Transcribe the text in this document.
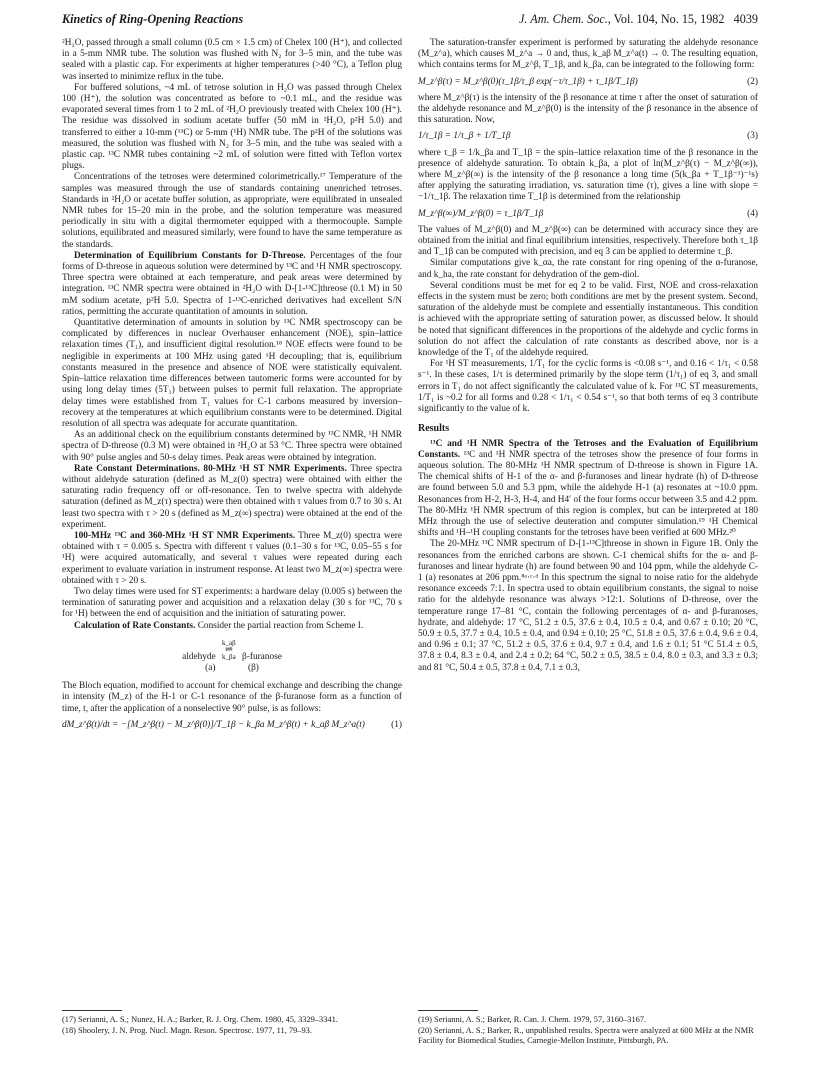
Kinetics of Ring-Opening Reactions	J. Am. Chem. Soc., Vol. 104, No. 15, 1982 4039

²H₂O, passed through a small column (0.5 cm × 1.5 cm) of Chelex 100 (H⁺), and collected in a 5-mm NMR tube. The solution was flushed with N₂ for 3–5 min, and the tube was sealed with a plastic cap. For experiments at higher temperatures (>40 °C), a Teflon plug was inserted to minimize reflux in the tube.

For buffered solutions, ~4 mL of tetrose solution in H₂O was passed through Chelex 100 (H⁺), the solution was concentrated as before to ~0.1 mL, and the residue was evaporated several times from 1 to 2 mL of ²H₂O previously treated with Chelex 100 (H⁺). The residue was dissolved in sodium acetate buffer (50 mM in ²H₂O, p²H 5.0) and transferred to either a 10-mm (¹³C) or 5-mm (¹H) NMR tube. The p²H of the solutions was measured, the solution was flushed with N₂ for 3–5 min, and the tube was sealed with a plastic cap. ¹³C NMR tubes containing ~2 mL of solution were fitted with Teflon vortex plugs.

Concentrations of the tetroses were determined colorimetrically.¹⁷ Temperature of the samples was measured through the use of standards containing unenriched tetroses. Standards in ²H₂O or acetate buffer solution, as appropriate, were equilibrated in unsealed NMR tubes for 15–20 min in the probe, and the solution temperature was measured periodically in situ with a digital thermometer equipped with a thermocouple. Sample solutions, equilibrated and measured similarly, were found to have the same temperature as the standards.

Determination of Equilibrium Constants for D-Threose. Percentages of the four forms of D-threose in aqueous solution were determined by ¹³C and ¹H NMR spectroscopy. Three spectra were obtained at each temperature, and peak areas were determined by integration. ¹³C NMR spectra were obtained in ²H₂O with D-[1-¹³C]threose (0.1 M) in 50 mM sodium acetate, p²H 5.0. Spectra of 1-¹³C-enriched derivatives had excellent S/N ratios, permitting the accurate quantitation of amounts in solution.

Quantitative determination of amounts in solution by ¹³C NMR spectroscopy can be complicated by differences in nuclear Overhauser enhancement (NOE), spin–lattice relaxation times (T₁), and insufficient digital resolution.¹⁸ NOE effects were found to be negligible in experiments at 100 MHz using gated ¹H decoupling; that is, equilibrium constants measured in the presence and absence of NOE were statistically equivalent. Spin–lattice relaxation time differences between tautomeric forms were accounted for by using long delay times (5T₁) between pulses to permit full relaxation. The appropriate delay times were established from T₁ values for C-1 carbons measured by inversion–recovery at the temperatures at which equilibrium constants were to be determined. Digital resolution of all spectra was adequate for accurate quantitation.

As an additional check on the equilibrium constants determined by ¹³C NMR, ¹H NMR spectra of D-threose (0.3 M) were obtained in ²H₂O at 53 °C. Three spectra were obtained with 90° pulse angles and 50-s delay times. Peak areas were obtained by integration.

Rate Constant Determinations. 80-MHz ¹H ST NMR Experiments. Three spectra without aldehyde saturation (defined as M_z(0) spectra) were obtained with either the saturating radio frequency off or off-resonance. Ten to twelve spectra with aldehyde saturation (defined as M_z(τ) spectra) were then obtained with τ values from 0.7 to 30 s. At least two spectra with τ > 20 s (defined as M_z(∞) spectra) were obtained at the end of the experiment.

100-MHz ¹³C and 360-MHz ¹H ST NMR Experiments. Three M_z(0) spectra were obtained with τ = 0.005 s. Spectra with different τ values (0.1–30 s for ¹³C, 0.05–55 s for ¹H) were acquired automatically, and several τ values were repeated during each experiment to evaluate variation in instrument response. At least two M_z(∞) spectra were obtained with τ > 20 s.

Two delay times were used for ST experiments: a hardware delay (0.005 s) between the termination of saturating power and acquisition and a relaxation delay (30 s for ¹³C, 70 s for ¹H) between the end of acquisition and the initiation of saturating power.

Calculation of Rate Constants. Consider the partial reaction from Scheme I.

aldehyde
k_aβ
⇌
k_βa β-furanose
(a)	(β)

The Bloch equation, modified to account for chemical exchange and describing the change in intensity (M_z) of the H-1 or C-1 resonance of the β-furanose form as a function of time, t, after the application of a nonselective 90° pulse, is as follows:

dM_z^β(t)/dt = −[M_z^β(t) − M_z^β(0)]/T_1β − k_βa M_z^β(t) + k_aβ M_z^a(t)	(1)

The saturation-transfer experiment is performed by saturating the aldehyde resonance (M_z^a), which causes M_z^a → 0 and, thus, k_aβ M_z^a(t) → 0. The resulting equation, which contains terms for M_z^β, T_1β, and k_βa, can be integrated to the following form:

M_z^β(τ) = M_z^β(0)(τ_1β/τ_β exp(−τ/τ_1β) + τ_1β/T_1β)	(2)

where M_z^β(τ) is the intensity of the β resonance at time τ after the onset of saturation of the aldehyde resonance and M_z^β(0) is the intensity of the β resonance in the absence of this saturation. Now,

1/τ_1β = 1/τ_β + 1/T_1β	(3)

where τ_β = 1/k_βa and T_1β = the spin–lattice relaxation time of the β resonance in the presence of aldehyde saturation. To obtain k_βa, a plot of ln(M_z^β(τ) − M_z^β(∞)), where M_z^β(∞) is the intensity of the β resonance a long time (5(k_βa + T_1β⁻¹)⁻¹s) after applying the saturating irradiation, vs. saturation time (τ), gives a line with slope = −1/τ_1β. The relaxation time T_1β is determined from the relationship

M_z^β(∞)/M_z^β(0) = τ_1β/T_1β	(4)

The values of M_z^β(0) and M_z^β(∞) can be determined with accuracy since they are obtained from the initial and final equilibrium intensities, respectively. Therefore both τ_1β and T_1β can be computed with precision, and eq 3 can be applied to determine τ_β.

Similar computations give k_αa, the rate constant for ring opening of the α-furanose, and k_ha, the rate constant for dehydration of the gem-diol.

Several conditions must be met for eq 2 to be valid. First, NOE and cross-relaxation effects in the system must be zero; both conditions are met by the present system. Second, saturation of the aldehyde must be complete and essentially instantaneous. This condition is achieved with the appropriate setting of saturation power, as discussed below. It should be noted that significant differences in the proportions of the aldehyde and cyclic forms in solution do not affect the calculation of rate constants as described above, nor is a knowledge of the T₁ of the aldehyde required.

For ¹H ST measurements, 1/T₁ for the cyclic forms is <0.08 s⁻¹, and 0.16 < 1/τ₁ < 0.58 s⁻¹. In these cases, 1/τ is determined primarily by the slope term (1/τ₁) of eq 3, and small errors in T₁ do not affect significantly the calculated value of k. For ¹³C ST measurements, 1/T₁ is ~0.2 for all forms and 0.28 < 1/τ₁ < 0.54 s⁻¹, so that both terms of eq 3 contribute significantly to the value of k.

Results

¹³C and ¹H NMR Spectra of the Tetroses and the Evaluation of Equilibrium Constants. ¹³C and ¹H NMR spectra of the tetroses show the presence of four forms in aqueous solution. The 80-MHz ¹H NMR spectrum of D-threose is shown in Figure 1A. The chemical shifts of H-1 of the α- and β-furanoses and linear hydrate (h) of D-threose are found between 5.0 and 5.3 ppm, while the aldehyde H-1 (a) resonates at ~10.0 ppm. Resonances from H-2, H-3, H-4, and H4′ of the four forms occur between 3.5 and 4.2 ppm. The 80-MHz ¹H NMR spectrum of this region is complex, but can be interpreted at 180 MHz through the use of selective deuteration and computer simulation.¹⁹ ¹H Chemical shifts and ¹H–¹H coupling constants for the tetroses have been verified at 600 MHz.²⁰

The 20-MHz ¹³C NMR spectrum of D-[1-¹³C]threose in shown in Figure 1B. Only the resonances from the enriched carbons are shown. C-1 chemical shifts for the α- and β-furanoses and linear hydrate (h) are found between 90 and 104 ppm, while the aldehyde C-1 (a) resonates at 206 ppm.⁸ᵃ·ᶜ·ᵈ In this spectrum the signal to noise ratio for the aldehyde resonance exceeds 7:1. In spectra used to obtain equilibrium constants, the signal to noise ratio for the aldehyde resonance was always >12:1. Solutions of D-threose, over the temperature range 17–81 °C, contain the following percentages of α- and β-furanoses, hydrate, and aldehyde: 17 °C, 51.2 ± 0.5, 37.6 ± 0.4, 10.5 ± 0.4, and 0.67 ± 0.10; 20 °C, 50.9 ± 0.5, 37.7 ± 0.4, 10.5 ± 0.4, and 0.94 ± 0.10; 25 °C, 51.8 ± 0.5, 37.6 ± 0.4, 9.6 ± 0.4, and 0.96 ± 0.1; 37 °C, 51.2 ± 0.5, 37.6 ± 0.4, 9.7 ± 0.4, and 1.6 ± 0.1; 51 °C 51.4 ± 0.5, 37.8 ± 0.4, 8.3 ± 0.4, and 2.4 ± 0.2; 64 °C, 50.2 ± 0.5, 38.5 ± 0.4, 8.0 ± 0.3, and 3.3 ± 0.3; and 81 °C, 50.4 ± 0.5, 37.8 ± 0.4, 7.1 ± 0.3,

(17) Serianni, A. S.; Nunez, H. A.; Barker, R. J. Org. Chem. 1980, 45, 3329–3341.

(18) Shoolery, J. N. Prog. Nucl. Magn. Reson. Spectrosc. 1977, 11, 79–93.

(19) Serianni, A. S.; Barker, R. Can. J. Chem. 1979, 57, 3160–3167.

(20) Serianni, A. S.; Barker, R., unpublished results. Spectra were analyzed at 600 MHz at the NMR Facility for Biomedical Studies, Carnegie-Mellon Institute, Pittsburgh, PA.
